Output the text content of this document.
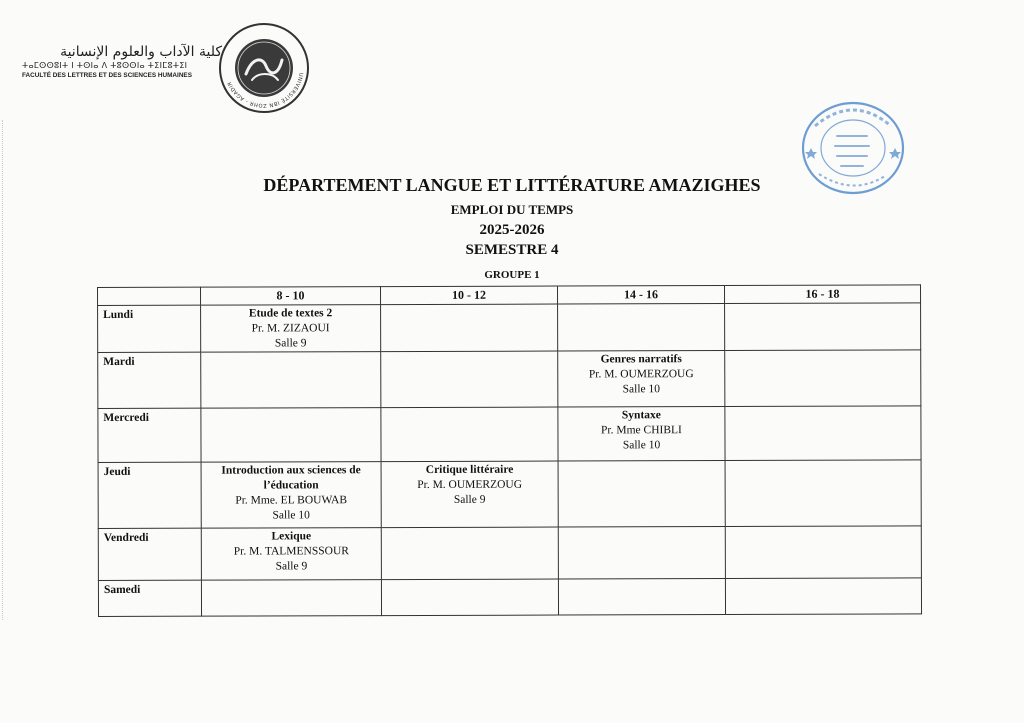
كلية الآداب والعلوم الإنسانية
ⵜⴰⵎⵙⵙⵓⵏⵜ ⵏ ⵜⵙⵏⴰ ⴷ ⵜⵓⵙⵙⵏⴰ ⵜⵉⵏⵎⵓⵜⵉⵏ
FACULTÉ DES LETTRES ET DES SCIENCES HUMAINES	UNIVERSITÉ IBN ZOHR - AGADIR
DÉPARTEMENT LANGUE ET LITTÉRATURE AMAZIGHES
EMPLOI DU TEMPS
2025-2026
SEMESTRE 4
GROUPE 1
	8 - 10	10 - 12	14 - 16	16 - 18
Lundi	Etude de textes 2
Pr. M. ZIZAOUI
Salle 9			

Mardi			Genres narratifs
Pr. M. OUMERZOUG
Salle 10	

Mercredi			Syntaxe
Pr. Mme CHIBLI
Salle 10	

Jeudi	Introduction aux sciences de l’éducation
Pr. Mme. EL BOUWAB
Salle 10	Critique littéraire
Pr. M. OUMERZOUG
Salle 9		

Vendredi	Lexique
Pr. M. TALMENSSOUR
Salle 9			

Samedi				
